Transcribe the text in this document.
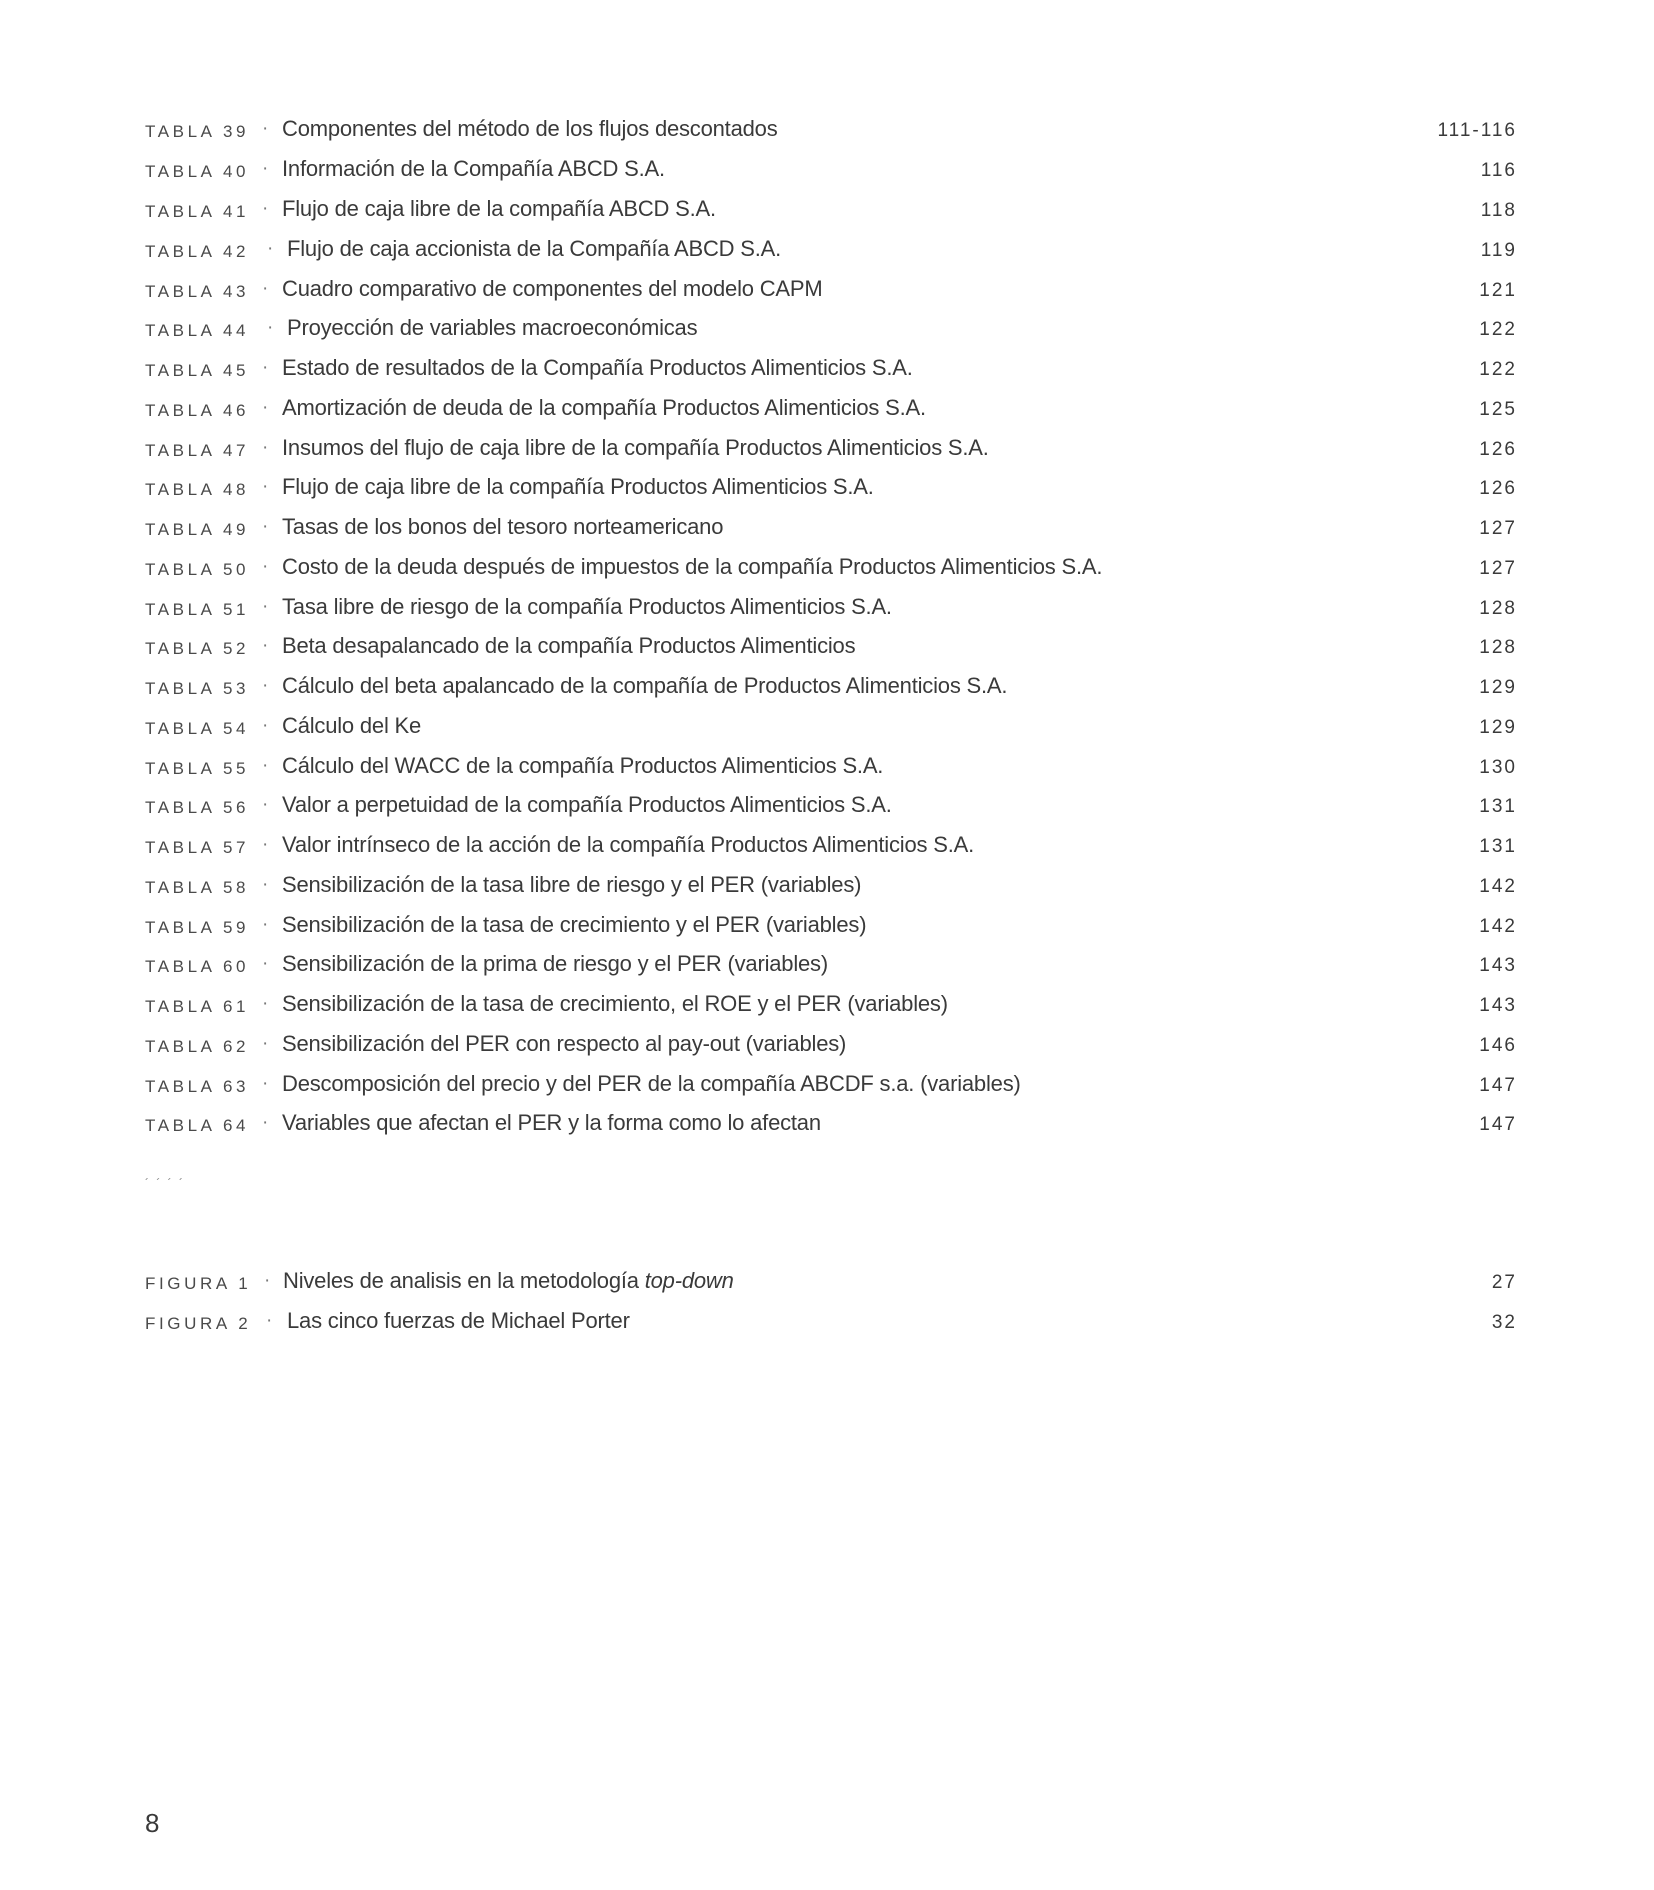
TABLA 39 · Componentes del método de los flujos descontados	111-116
TABLA 40 · Información de la Compañía ABCD S.A.	116
TABLA 41 · Flujo de caja libre de la compañía ABCD S.A.	118
TABLA 42 · Flujo de caja accionista de la Compañía ABCD S.A.	119
TABLA 43 · Cuadro comparativo de componentes del modelo CAPM	121
TABLA 44 · Proyección de variables macroeconómicas	122
TABLA 45 · Estado de resultados de la Compañía Productos Alimenticios S.A.	122
TABLA 46 · Amortización de deuda de la compañía Productos Alimenticios S.A.	125
TABLA 47 · Insumos del flujo de caja libre de la compañía Productos Alimenticios S.A.	126
TABLA 48 · Flujo de caja libre de la compañía Productos Alimenticios S.A.	126
TABLA 49 · Tasas de los bonos del tesoro norteamericano	127
TABLA 50 · Costo de la deuda después de impuestos de la compañía Productos Alimenticios S.A.	127
TABLA 51 · Tasa libre de riesgo de la compañía Productos Alimenticios S.A.	128
TABLA 52 · Beta desapalancado de la compañía Productos Alimenticios	128
TABLA 53 · Cálculo del beta apalancado de la compañía de Productos Alimenticios S.A.	129
TABLA 54 · Cálculo del Ke	129
TABLA 55 · Cálculo del WACC de la compañía Productos Alimenticios S.A.	130
TABLA 56 · Valor a perpetuidad de la compañía Productos Alimenticios S.A.	131
TABLA 57 · Valor intrínseco de la acción de la compañía Productos Alimenticios S.A.	131
TABLA 58 · Sensibilización de la tasa libre de riesgo y el PER (variables)	142
TABLA 59 · Sensibilización de la tasa de crecimiento y el PER (variables)	142
TABLA 60 · Sensibilización de la prima de riesgo y el PER (variables)	143
TABLA 61 · Sensibilización de la tasa de crecimiento, el ROE y el PER (variables)	143
TABLA 62 · Sensibilización del PER con respecto al pay-out (variables)	146
TABLA 63 · Descomposición del precio y del PER de la compañía ABCDF s.a. (variables)	147
TABLA 64 · Variables que afectan el PER y la forma como lo afectan	147
´ ´ ´ ´
FIGURA 1 · Niveles de analisis en la metodología top-down	27
FIGURA 2 · Las cinco fuerzas de Michael Porter	32
8
